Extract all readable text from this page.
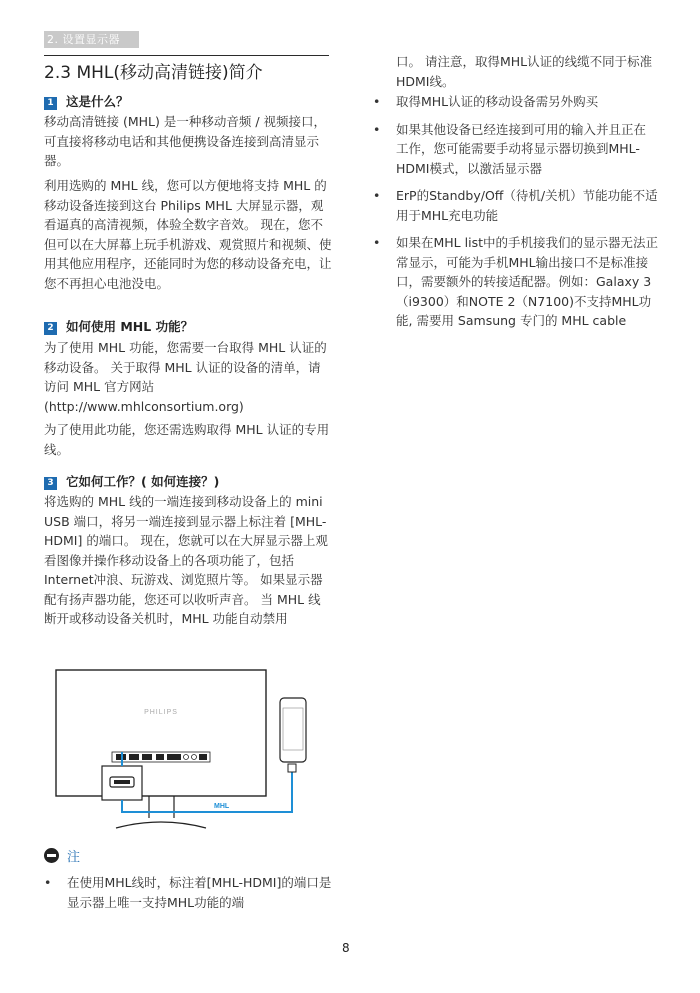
2. 设置显示器
2.3 MHL(移动高清链接)简介
1 这是什么？

移动高清链接 (MHL) 是一种移动音频 / 视频接口，可直接将移动电话和其他便携设备连接到高清显示器。

利用选购的 MHL 线，您可以方便地将支持 MHL 的移动设备连接到这台 Philips MHL 大屏显示器，观看逼真的高清视频，体验全数字音效。 现在，您不但可以在大屏幕上玩手机游戏、观赏照片和视频、使用其他应用程序，还能同时为您的移动设备充电，让您不再担心电池没电。

2 如何使用 MHL 功能？

为了使用 MHL 功能，您需要一台取得 MHL 认证的移动设备。 关于取得 MHL 认证的设备的清单，请访问 MHL 官方网站 (http://www.mhlconsortium.org)

为了使用此功能，您还需选购取得 MHL 认证的专用线。

3 它如何工作？( 如何连接？)

将选购的 MHL 线的一端连接到移动设备上的 mini USB 端口，将另一端连接到显示器上标注着 [MHL-HDMI] 的端口。 现在，您就可以在大屏显示器上观看图像并操作移动设备上的各项功能了，包括Internet冲浪、玩游戏、浏览照片等。 如果显示器配有扬声器功能，您还可以收听声音。 当 MHL 线断开或移动设备关机时，MHL 功能自动禁用

PHILIPS
MHL
注
• 在使用MHL线时，标注着[MHL-HDMI]的端口是显示器上唯一支持MHL功能的端

口。 请注意，取得MHL认证的线缆不同于标准HDMI线。

• 取得MHL认证的移动设备需另外购买
• 如果其他设备已经连接到可用的输入并且正在工作，您可能需要手动将显示器切换到MHL-HDMI模式，以激活显示器
• ErP的Standby/Off（待机/关机）节能功能不适用于MHL充电功能
• 如果在MHL list中的手机接我们的显示器无法正常显示，可能为手机MHL输出接口不是标准接口，需要额外的转接适配器。例如：Galaxy 3 （i9300）和NOTE 2（N7100)不支持MHL功能, 需要用 Samsung 专门的 MHL cable
8
